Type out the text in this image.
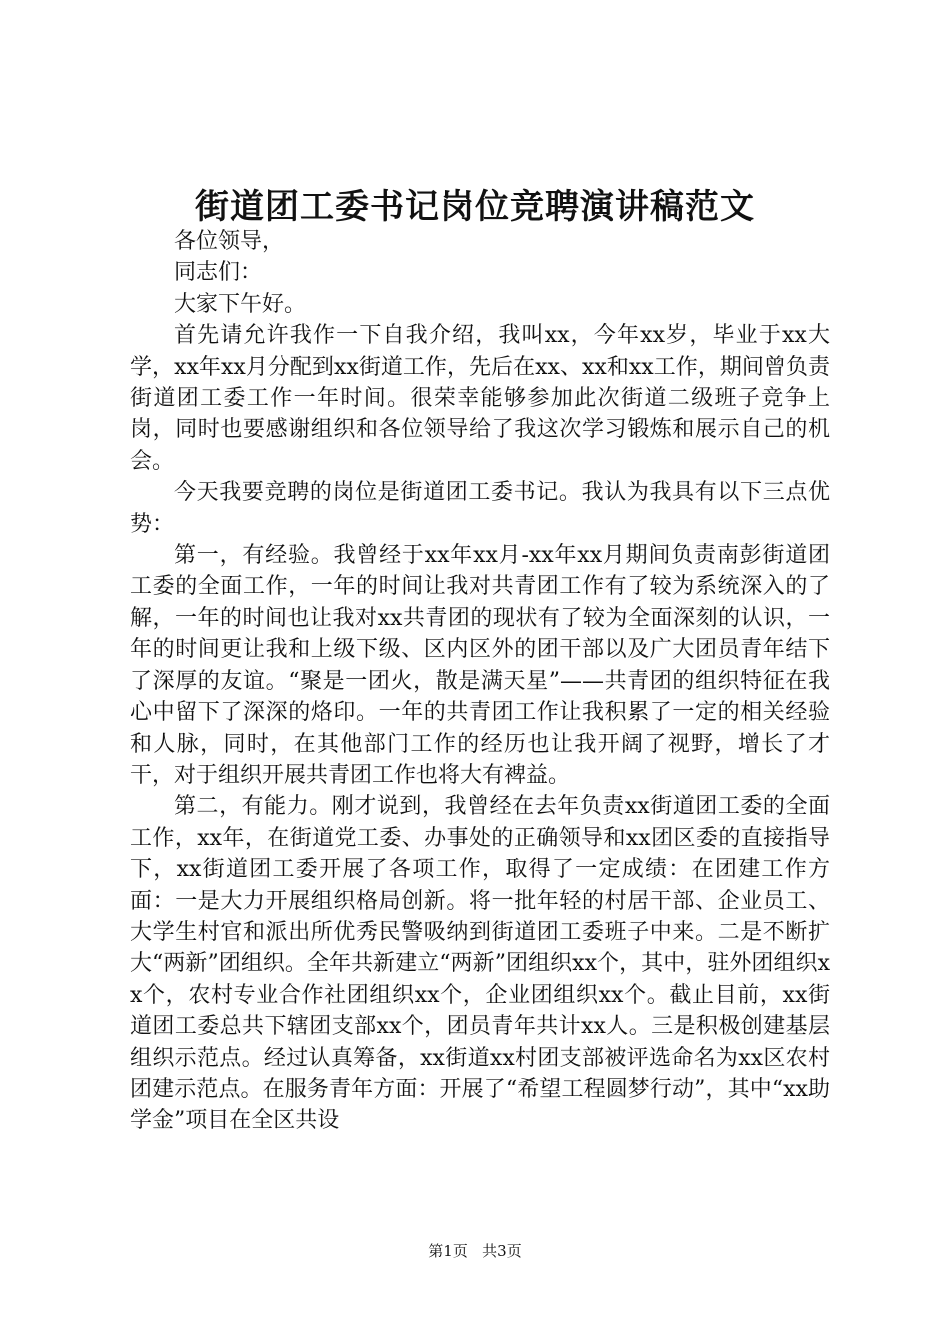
街道团工委书记岗位竞聘演讲稿范文

各位领导，

同志们：

大家下午好。

首先请允许我作一下自我介绍，我叫xx，今年xx岁，毕业于xx大学，xx年xx月分配到xx街道工作，先后在xx、xx和xx工作，期间曾负责街道团工委工作一年时间。很荣幸能够参加此次街道二级班子竞争上岗，同时也要感谢组织和各位领导给了我这次学习锻炼和展示自己的机会。

今天我要竞聘的岗位是街道团工委书记。我认为我具有以下三点优势：

第一，有经验。我曾经于xx年xx月-xx年xx月期间负责南彭街道团工委的全面工作，一年的时间让我对共青团工作有了较为系统深入的了解，一年的时间也让我对xx共青团的现状有了较为全面深刻的认识，一年的时间更让我和上级下级、区内区外的团干部以及广大团员青年结下了深厚的友谊。“聚是一团火，散是满天星”——共青团的组织特征在我心中留下了深深的烙印。一年的共青团工作让我积累了一定的相关经验和人脉，同时，在其他部门工作的经历也让我开阔了视野，增长了才干，对于组织开展共青团工作也将大有裨益。

第二，有能力。刚才说到，我曾经在去年负责xx街道团工委的全面工作，xx年，在街道党工委、办事处的正确领导和xx团区委的直接指导下，xx街道团工委开展了各项工作，取得了一定成绩：在团建工作方面：一是大力开展组织格局创新。将一批年轻的村居干部、企业员工、大学生村官和派出所优秀民警吸纳到街道团工委班子中来。二是不断扩大“两新”团组织。全年共新建立“两新”团组织xx个，其中，驻外团组织xx个，农村专业合作社团组织xx个，企业团组织xx个。截止目前，xx街道团工委总共下辖团支部xx个，团员青年共计xx人。三是积极创建基层组织示范点。经过认真筹备，xx街道xx村团支部被评选命名为xx区农村团建示范点。在服务青年方面：开展了“希望工程圆梦行动”，其中“xx助学金”项目在全区共设

第1页 共3页
